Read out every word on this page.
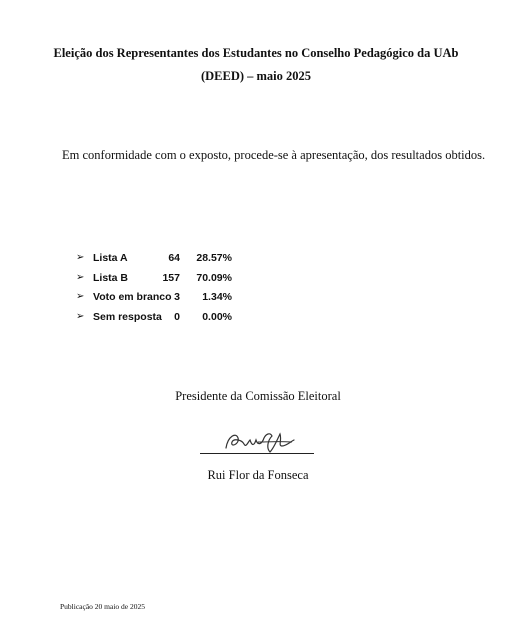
Eleição dos Representantes dos Estudantes no Conselho Pedagógico da UAb
(DEED) – maio 2025
Em conformidade com o exposto, procede-se à apresentação, dos resultados obtidos.
➢ Lista A	64	28.57%
➢ Lista B	157	70.09%
➢ Voto em branco 3	1.34%
➢ Sem resposta	0	0.00%
Presidente da Comissão Eleitoral
Rui Flor da Fonseca
Publicação 20 maio de 2025
